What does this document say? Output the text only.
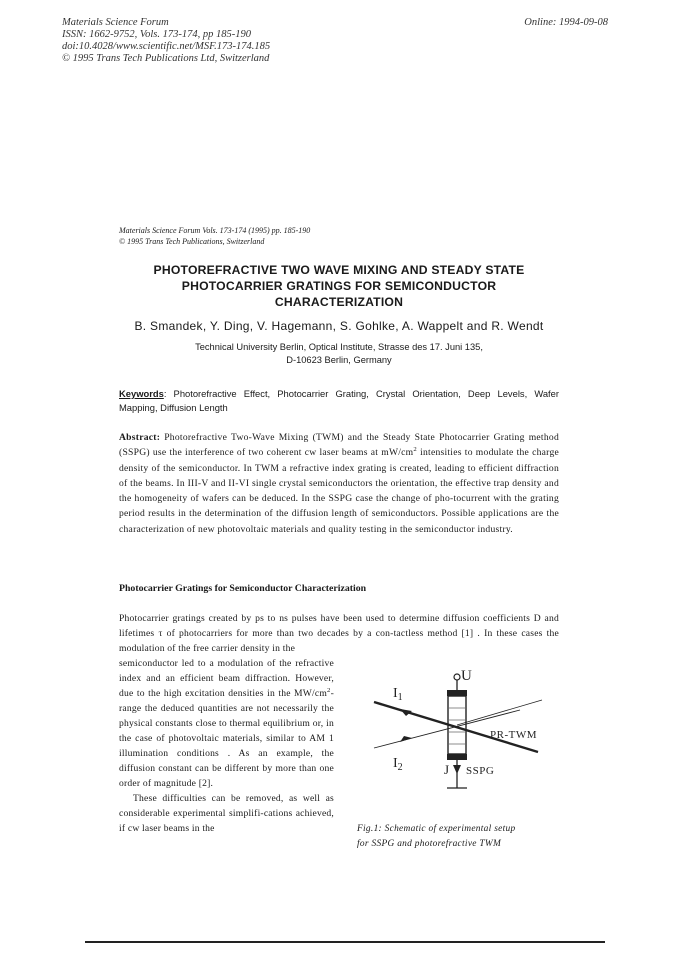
Materials Science Forum
ISSN: 1662-9752, Vols. 173-174, pp 185-190
doi:10.4028/www.scientific.net/MSF.173-174.185
© 1995 Trans Tech Publications Ltd, Switzerland
Online: 1994-09-08
Materials Science Forum Vols. 173-174 (1995) pp. 185-190
© 1995 Trans Tech Publications, Switzerland
PHOTOREFRACTIVE TWO WAVE MIXING AND STEADY STATE
PHOTOCARRIER GRATINGS FOR SEMICONDUCTOR
CHARACTERIZATION
B. Smandek, Y. Ding, V. Hagemann, S. Gohlke, A. Wappelt and R. Wendt
Technical University Berlin, Optical Institute, Strasse des 17. Juni 135,
D-10623 Berlin, Germany
Keywords: Photorefractive Effect, Photocarrier Grating, Crystal Orientation, Deep Levels, Wafer Mapping, Diffusion Length
Abstract: Photorefractive Two-Wave Mixing (TWM) and the Steady State Photocarrier Grating method (SSPG) use the interference of two coherent cw laser beams at $mW/cm^2$ intensities to modulate the charge density of the semiconductor. In TWM a refractive index grating is created, leading to efficient diffraction of the beams. In III-V and II-VI single crystal semiconductors the orientation, the effective trap density and the homogeneity of wafers can be deduced. In the SSPG case the change of pho-tocurrent with the grating period results in the determination of the diffusion length of semiconductors. Possible applications are the characterization of new photovoltaic materials and quality testing in the semiconductor industry.
Photocarrier Gratings for Semiconductor Characterization
Photocarrier gratings created by ps to ns pulses have been used to determine diffusion coefficients D and lifetimes τ of photocarriers for more than two decades by a con-tactless method [1] . In these cases the modulation of the free carrier density in the

semiconductor led to a modulation of the refractive index and an efficient beam diffraction. However, due to the high excitation densities in the $MW/cm^2$-range the deduced quantities are not necessarily the physical constants close to thermal equilibrium or, in the case of photovoltaic materials, similar to AM 1 illumination conditions . As an example, the diffusion constant can be different by more than one order of magnitude [2].

These difficulties can be removed, as well as considerable experimental simplifi-cations achieved, if cw laser beams in the

U
$I_1$
$I_2$
PR-TWM
J SSPG
Fig.1: Schematic of experimental setup
for SSPG and photorefractive TWM
